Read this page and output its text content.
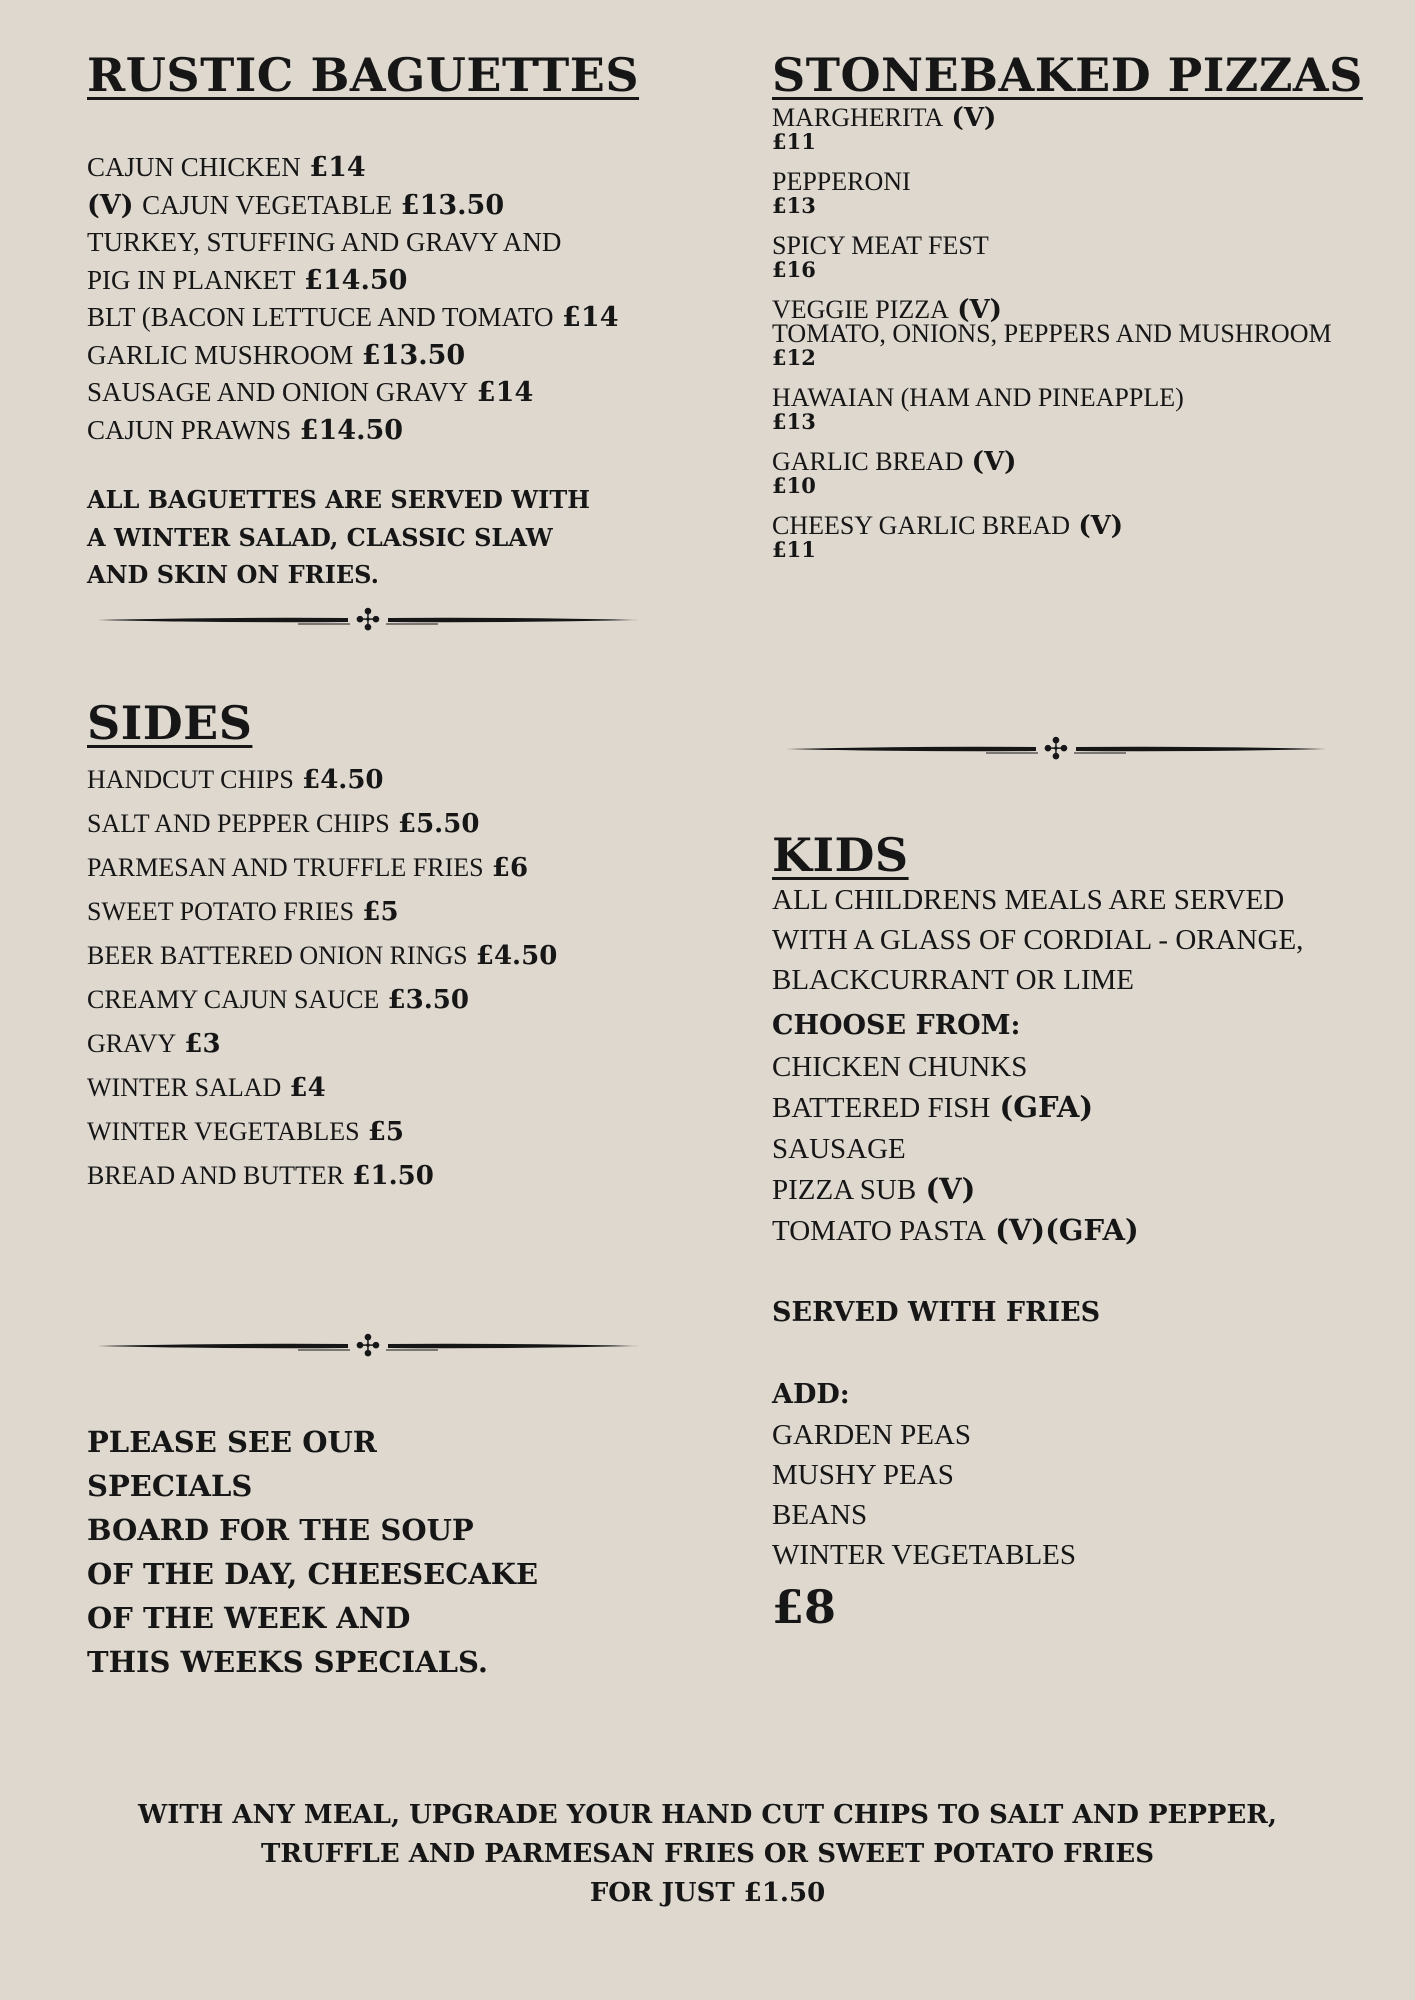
RUSTIC BAGUETTES
CAJUN CHICKEN £14
(V) CAJUN VEGETABLE £13.50
TURKEY, STUFFING AND GRAVY AND
PIG IN PLANKET £14.50
BLT (BACON LETTUCE AND TOMATO £14
GARLIC MUSHROOM £13.50
SAUSAGE AND ONION GRAVY £14
CAJUN PRAWNS £14.50
ALL BAGUETTES ARE SERVED WITH
A WINTER SALAD, CLASSIC SLAW
AND SKIN ON FRIES.
✣
SIDES
HANDCUT CHIPS £4.50
SALT AND PEPPER CHIPS £5.50
PARMESAN AND TRUFFLE FRIES £6
SWEET POTATO FRIES £5
BEER BATTERED ONION RINGS £4.50
CREAMY CAJUN SAUCE £3.50
GRAVY £3
WINTER SALAD £4
WINTER VEGETABLES £5
BREAD AND BUTTER £1.50
✣
PLEASE SEE OUR
SPECIALS
BOARD FOR THE SOUP
OF THE DAY, CHEESECAKE
OF THE WEEK AND
THIS WEEKS SPECIALS.
STONEBAKED PIZZAS
MARGHERITA (V)
£11
PEPPERONI
£13
SPICY MEAT FEST
£16
VEGGIE PIZZA (V)
TOMATO, ONIONS, PEPPERS AND MUSHROOM
£12
HAWAIAN (HAM AND PINEAPPLE)
£13
GARLIC BREAD (V)
£10
CHEESY GARLIC BREAD (V)
£11
✣
KIDS
ALL CHILDRENS MEALS ARE SERVED
WITH A GLASS OF CORDIAL - ORANGE,
BLACKCURRANT OR LIME
CHOOSE FROM:
CHICKEN CHUNKS
BATTERED FISH (GFA)
SAUSAGE
PIZZA SUB (V)
TOMATO PASTA (V)(GFA)
SERVED WITH FRIES
ADD:
GARDEN PEAS
MUSHY PEAS
BEANS
WINTER VEGETABLES
£8
WITH ANY MEAL, UPGRADE YOUR HAND CUT CHIPS TO SALT AND PEPPER,
TRUFFLE AND PARMESAN FRIES OR SWEET POTATO FRIES
FOR JUST £1.50
